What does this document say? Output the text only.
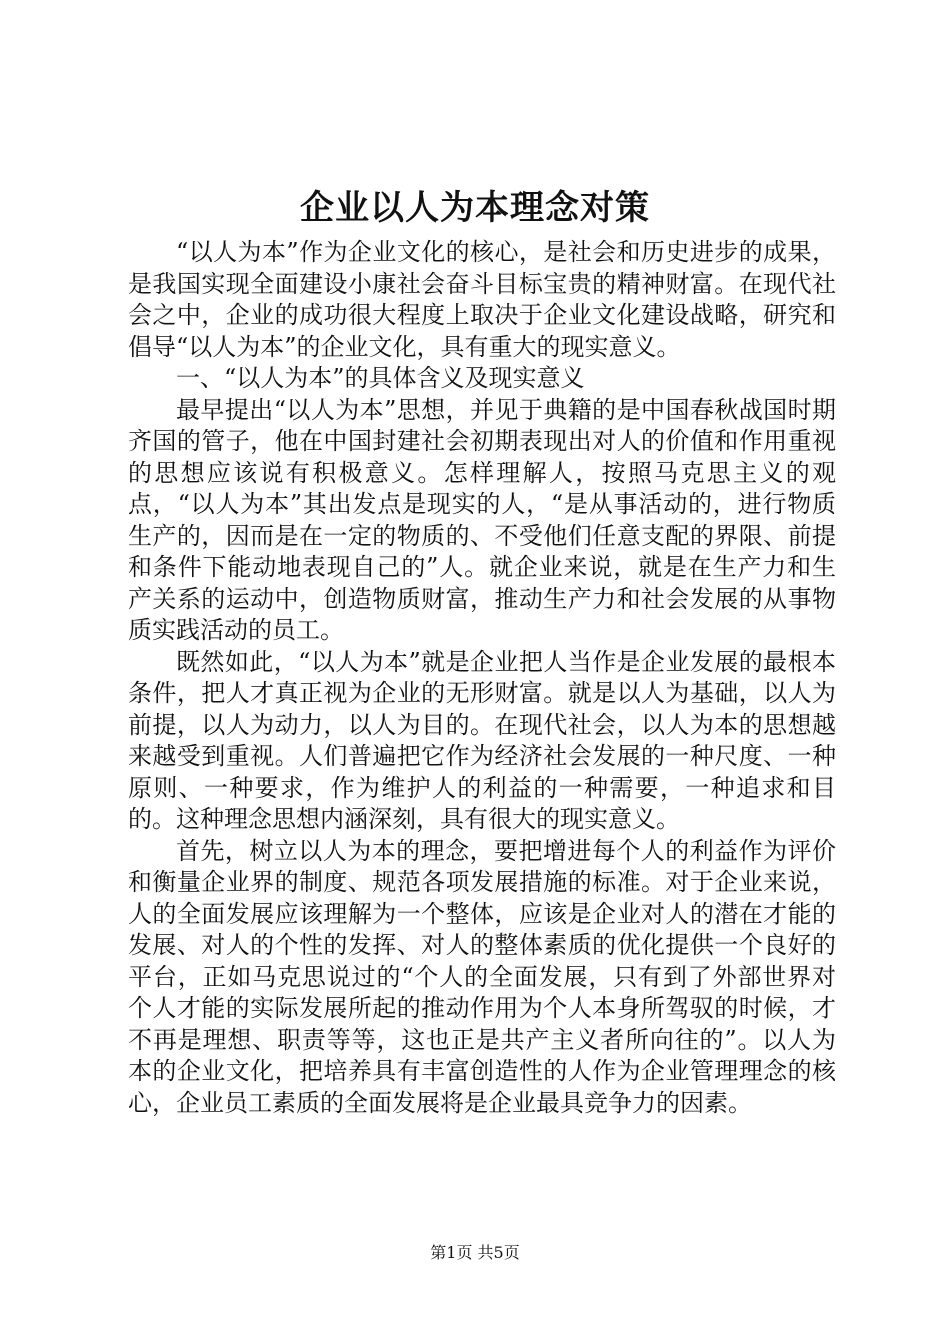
企业以人为本理念对策

“以人为本”作为企业文化的核心，是社会和历史进步的成果，是我国实现全面建设小康社会奋斗目标宝贵的精神财富。在现代社会之中，企业的成功很大程度上取决于企业文化建设战略，研究和倡导“以人为本”的企业文化，具有重大的现实意义。

一、“以人为本”的具体含义及现实意义

最早提出“以人为本”思想，并见于典籍的是中国春秋战国时期齐国的管子，他在中国封建社会初期表现出对人的价值和作用重视的思想应该说有积极意义。怎样理解人，按照马克思主义的观点，“以人为本”其出发点是现实的人，“是从事活动的，进行物质生产的，因而是在一定的物质的、不受他们任意支配的界限、前提和条件下能动地表现自己的”人。就企业来说，就是在生产力和生产关系的运动中，创造物质财富，推动生产力和社会发展的从事物质实践活动的员工。

既然如此，“以人为本”就是企业把人当作是企业发展的最根本条件，把人才真正视为企业的无形财富。就是以人为基础，以人为前提，以人为动力，以人为目的。在现代社会，以人为本的思想越来越受到重视。人们普遍把它作为经济社会发展的一种尺度、一种原则、一种要求，作为维护人的利益的一种需要，一种追求和目的。这种理念思想内涵深刻，具有很大的现实意义。

首先，树立以人为本的理念，要把增进每个人的利益作为评价和衡量企业界的制度、规范各项发展措施的标准。对于企业来说，人的全面发展应该理解为一个整体，应该是企业对人的潜在才能的发展、对人的个性的发挥、对人的整体素质的优化提供一个良好的平台，正如马克思说过的“个人的全面发展，只有到了外部世界对个人才能的实际发展所起的推动作用为个人本身所驾驭的时候，才不再是理想、职责等等，这也正是共产主义者所向往的”。以人为本的企业文化，把培养具有丰富创造性的人作为企业管理理念的核心，企业员工素质的全面发展将是企业最具竞争力的因素。

第1页 共5页
